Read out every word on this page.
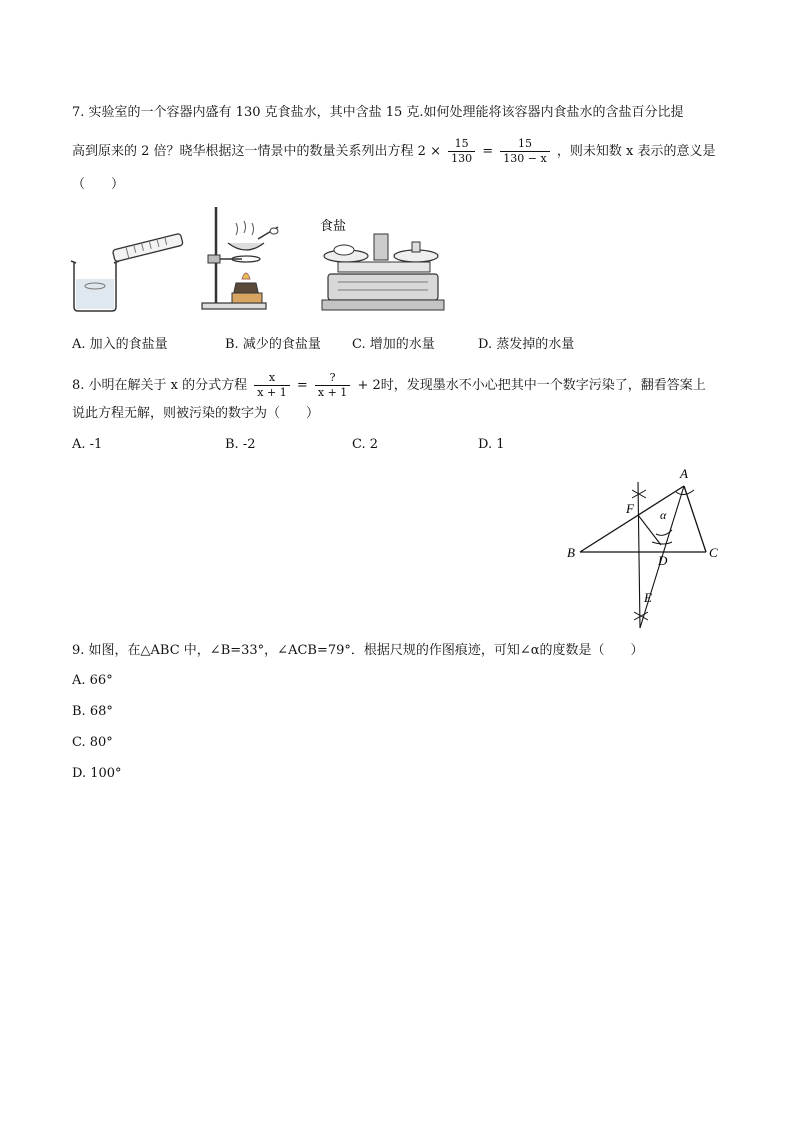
7. 实验室的一个容器内盛有 130 克食盐水，其中含盐 15 克.如何处理能将该容器内食盐水的含盐百分比提
高到原来的 2 倍？晓华根据这一情景中的数量关系列出方程 $2 \times \frac{15}{130} = \frac{15}{130 - x}$ ，则未知数 x 表示的意义是
（　　）
食盐
A. 加入的食盐量	B. 减少的食盐量 C. 增加的水量	D. 蒸发掉的水量
8. 小明在解关于 x 的分式方程 $\frac{x}{x + 1} = \frac{?}{x + 1} + 2$时，发现墨水不小心把其中一个数字污染了，翻看答案上
说此方程无解，则被污染的数字为（　　）
A. -1	B. -2	C. 2	D. 1
A
B	C
D
E
F α
9. 如图，在△ABC 中，∠B=33°，∠ACB=79°．根据尺规的作图痕迹，可知∠α的度数是（　　）
A. 66°
B. 68°
C. 80°
D. 100°
